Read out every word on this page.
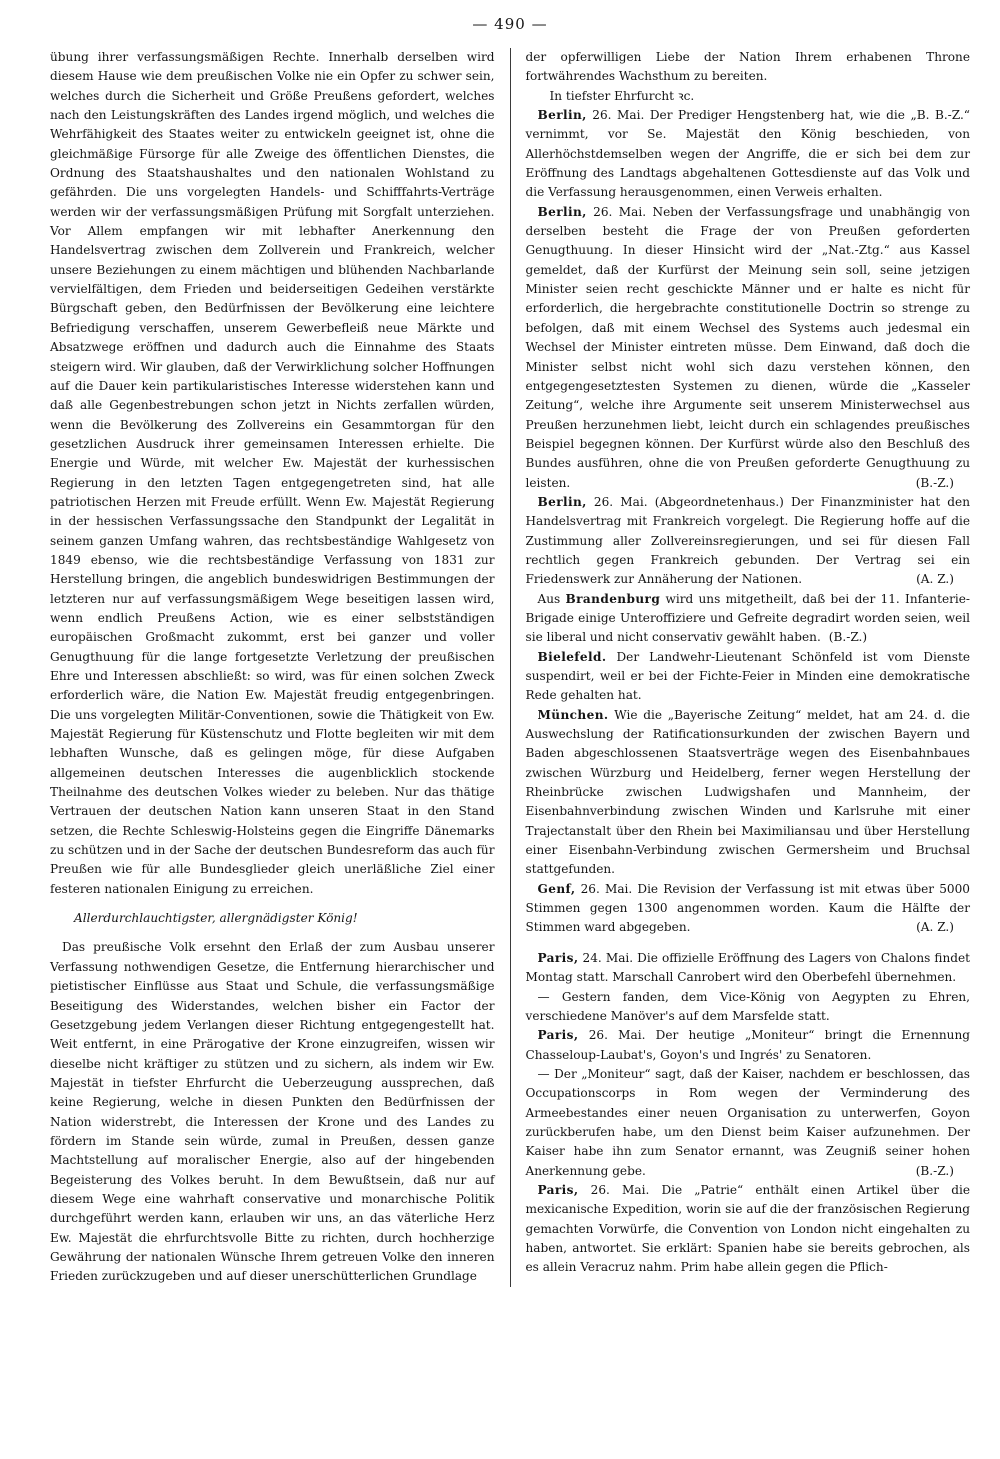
— 490 —

übung ihrer verfassungsmäßigen Rechte. Innerhalb derselben wird diesem Hause wie dem preußischen Volke nie ein Opfer zu schwer sein, welches durch die Sicherheit und Größe Preußens gefordert, welches nach den Leistungskräften des Landes irgend möglich, und welches die Wehrfähigkeit des Staates weiter zu entwickeln geeignet ist, ohne die gleichmäßige Fürsorge für alle Zweige des öffentlichen Dienstes, die Ordnung des Staatshaushaltes und den nationalen Wohlstand zu gefährden. Die uns vorgelegten Handels- und Schifffahrts-Verträge werden wir der verfassungsmäßigen Prüfung mit Sorgfalt unterziehen. Vor Allem empfangen wir mit lebhafter Anerkennung den Handelsvertrag zwischen dem Zollverein und Frankreich, welcher unsere Beziehungen zu einem mächtigen und blühenden Nachbarlande vervielfältigen, dem Frieden und beiderseitigen Gedeihen verstärkte Bürgschaft geben, den Bedürfnissen der Bevölkerung eine leichtere Befriedigung verschaffen, unserem Gewerbefleiß neue Märkte und Absatzwege eröffnen und dadurch auch die Einnahme des Staats steigern wird. Wir glauben, daß der Verwirklichung solcher Hoffnungen auf die Dauer kein partikularistisches Interesse widerstehen kann und daß alle Gegenbestrebungen schon jetzt in Nichts zerfallen würden, wenn die Bevölkerung des Zollvereins ein Gesammtorgan für den gesetzlichen Ausdruck ihrer gemeinsamen Interessen erhielte. Die Energie und Würde, mit welcher Ew. Majestät der kurhessischen Regierung in den letzten Tagen entgegengetreten sind, hat alle patriotischen Herzen mit Freude erfüllt. Wenn Ew. Majestät Regierung in der hessischen Verfassungssache den Standpunkt der Legalität in seinem ganzen Umfang wahren, das rechtsbeständige Wahlgesetz von 1849 ebenso, wie die rechtsbeständige Verfassung von 1831 zur Herstellung bringen, die angeblich bundeswidrigen Bestimmungen der letzteren nur auf verfassungsmäßigem Wege beseitigen lassen wird, wenn endlich Preußens Action, wie es einer selbstständigen europäischen Großmacht zukommt, erst bei ganzer und voller Genugthuung für die lange fortgesetzte Verletzung der preußischen Ehre und Interessen abschließt: so wird, was für einen solchen Zweck erforderlich wäre, die Nation Ew. Majestät freudig entgegenbringen. Die uns vorgelegten Militär-Conventionen, sowie die Thätigkeit von Ew. Majestät Regierung für Küstenschutz und Flotte begleiten wir mit dem lebhaften Wunsche, daß es gelingen möge, für diese Aufgaben allgemeinen deutschen Interesses die augenblicklich stockende Theilnahme des deutschen Volkes wieder zu beleben. Nur das thätige Vertrauen der deutschen Nation kann unseren Staat in den Stand setzen, die Rechte Schleswig-Holsteins gegen die Eingriffe Dänemarks zu schützen und in der Sache der deutschen Bundesreform das auch für Preußen wie für alle Bundesglieder gleich unerläßliche Ziel einer festeren nationalen Einigung zu erreichen.

Allerdurchlauchtigster, allergnädigster König!

Das preußische Volk ersehnt den Erlaß der zum Ausbau unserer Verfassung nothwendigen Gesetze, die Entfernung hierarchischer und pietistischer Einflüsse aus Staat und Schule, die verfassungsmäßige Beseitigung des Widerstandes, welchen bisher ein Factor der Gesetzgebung jedem Verlangen dieser Richtung entgegengestellt hat. Weit entfernt, in eine Prärogative der Krone einzugreifen, wissen wir dieselbe nicht kräftiger zu stützen und zu sichern, als indem wir Ew. Majestät in tiefster Ehrfurcht die Ueberzeugung aussprechen, daß keine Regierung, welche in diesen Punkten den Bedürfnissen der Nation widerstrebt, die Interessen der Krone und des Landes zu fördern im Stande sein würde, zumal in Preußen, dessen ganze Machtstellung auf moralischer Energie, also auf der hingebenden Begeisterung des Volkes beruht. In dem Bewußtsein, daß nur auf diesem Wege eine wahrhaft conservative und monarchische Politik durchgeführt werden kann, erlauben wir uns, an das väterliche Herz Ew. Majestät die ehrfurchtsvolle Bitte zu richten, durch hochherzige Gewährung der nationalen Wünsche Ihrem getreuen Volke den inneren Frieden zurückzugeben und auf dieser unerschütterlichen Grundlage

der opferwilligen Liebe der Nation Ihrem erhabenen Throne fortwährendes Wachsthum zu bereiten.

In tiefster Ehrfurcht ꝛc.

Berlin, 26. Mai. Der Prediger Hengstenberg hat, wie die „B. B.-Z.“ vernimmt, vor Se. Majestät den König beschieden, von Allerhöchstdemselben wegen der Angriffe, die er sich bei dem zur Eröffnung des Landtags abgehaltenen Gottesdienste auf das Volk und die Verfassung herausgenommen, einen Verweis erhalten.

Berlin, 26. Mai. Neben der Verfassungsfrage und unabhängig von derselben besteht die Frage der von Preußen geforderten Genugthuung. In dieser Hinsicht wird der „Nat.-Ztg.“ aus Kassel gemeldet, daß der Kurfürst der Meinung sein soll, seine jetzigen Minister seien recht geschickte Männer und er halte es nicht für erforderlich, die hergebrachte constitutionelle Doctrin so strenge zu befolgen, daß mit einem Wechsel des Systems auch jedesmal ein Wechsel der Minister eintreten müsse. Dem Einwand, daß doch die Minister selbst nicht wohl sich dazu verstehen können, den entgegengesetztesten Systemen zu dienen, würde die „Kasseler Zeitung“, welche ihre Argumente seit unserem Ministerwechsel aus Preußen herzunehmen liebt, leicht durch ein schlagendes preußisches Beispiel begegnen können. Der Kurfürst würde also den Beschluß des Bundes ausführen, ohne die von Preußen geforderte Genugthuung zu leisten.	(B.-Z.)

Berlin, 26. Mai. (Abgeordnetenhaus.) Der Finanzminister hat den Handelsvertrag mit Frankreich vorgelegt. Die Regierung hoffe auf die Zustimmung aller Zollvereinsregierungen, und sei für diesen Fall rechtlich gegen Frankreich gebunden. Der Vertrag sei ein Friedenswerk zur Annäherung der Nationen.	(A. Z.)

Aus Brandenburg wird uns mitgetheilt, daß bei der 11. Infanterie-Brigade einige Unteroffiziere und Gefreite degradirt worden seien, weil sie liberal und nicht conservativ gewählt haben. (B.-Z.)

Bielefeld. Der Landwehr-Lieutenant Schönfeld ist vom Dienste suspendirt, weil er bei der Fichte-Feier in Minden eine demokratische Rede gehalten hat.

München. Wie die „Bayerische Zeitung“ meldet, hat am 24. d. die Auswechslung der Ratificationsurkunden der zwischen Bayern und Baden abgeschlossenen Staatsverträge wegen des Eisenbahnbaues zwischen Würzburg und Heidelberg, ferner wegen Herstellung der Rheinbrücke zwischen Ludwigshafen und Mannheim, der Eisenbahnverbindung zwischen Winden und Karlsruhe mit einer Trajectanstalt über den Rhein bei Maximiliansau und über Herstellung einer Eisenbahn-Verbindung zwischen Germersheim und Bruchsal stattgefunden.

Genf, 26. Mai. Die Revision der Verfassung ist mit etwas über 5000 Stimmen gegen 1300 angenommen worden. Kaum die Hälfte der Stimmen ward abgegeben.	(A. Z.)

Paris, 24. Mai. Die offizielle Eröffnung des Lagers von Chalons findet Montag statt. Marschall Canrobert wird den Oberbefehl übernehmen.

— Gestern fanden, dem Vice-König von Aegypten zu Ehren, verschiedene Manöver's auf dem Marsfelde statt.

Paris, 26. Mai. Der heutige „Moniteur“ bringt die Ernennung Chasseloup-Laubat's, Goyon's und Ingrés' zu Senatoren.

— Der „Moniteur“ sagt, daß der Kaiser, nachdem er beschlossen, das Occupationscorps in Rom wegen der Verminderung des Armeebestandes einer neuen Organisation zu unterwerfen, Goyon zurückberufen habe, um den Dienst beim Kaiser aufzunehmen. Der Kaiser habe ihn zum Senator ernannt, was Zeugniß seiner hohen Anerkennung gebe.	(B.-Z.)

Paris, 26. Mai. Die „Patrie“ enthält einen Artikel über die mexicanische Expedition, worin sie auf die der französischen Regierung gemachten Vorwürfe, die Convention von London nicht eingehalten zu haben, antwortet. Sie erklärt: Spanien habe sie bereits gebrochen, als es allein Veracruz nahm. Prim habe allein gegen die Pflich-
